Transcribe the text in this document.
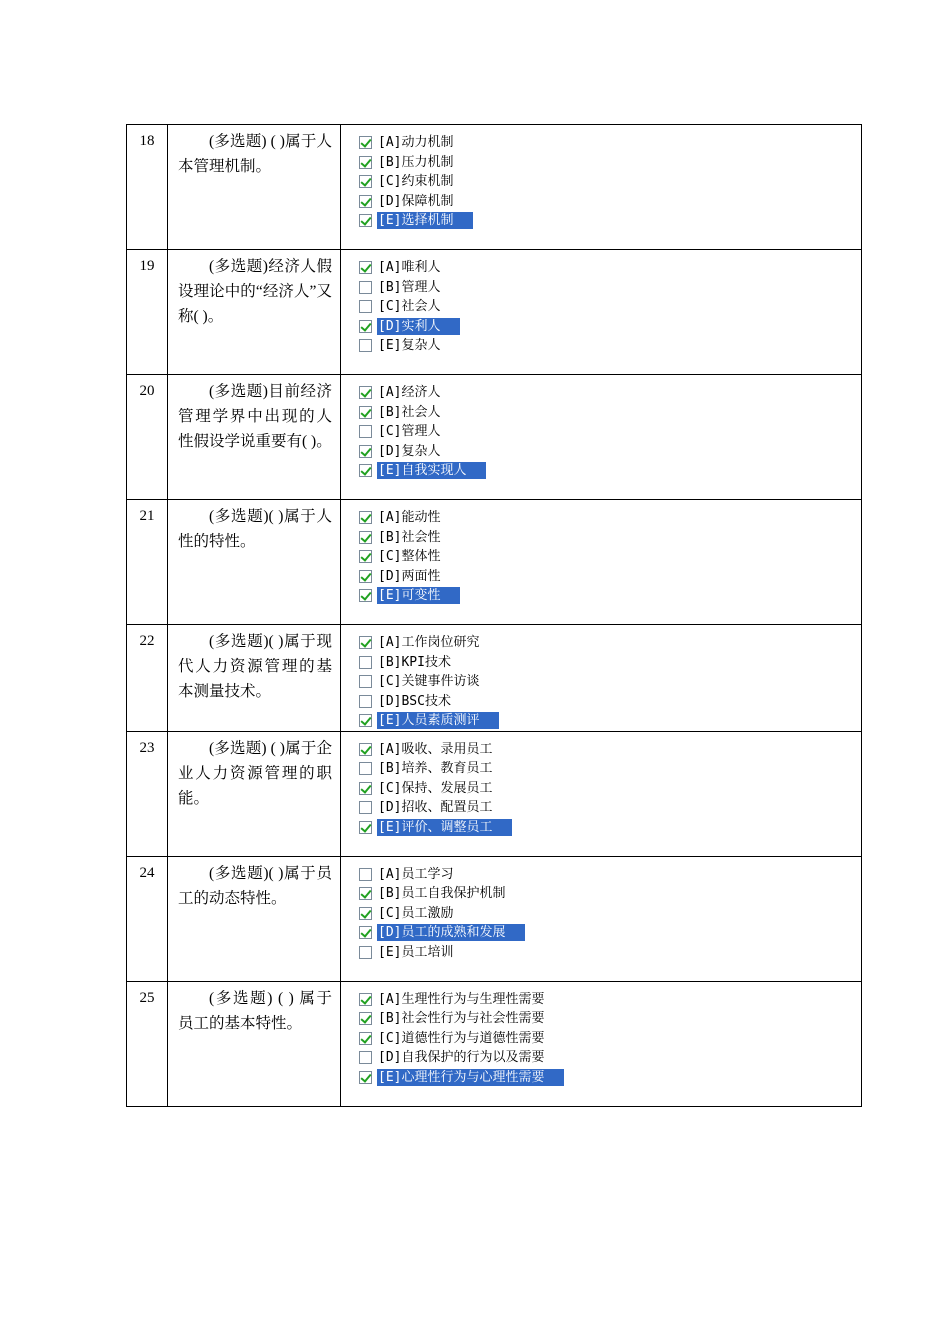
18	(多选题) ( )属于人本管理机制。	[A]动力机制
[B]压力机制
[C]约束机制
[D]保障机制
[E]选择机制

19	(多选题)经济人假设理论中的“经济人”又称( )。	[A]唯利人
[B]管理人
[C]社会人
[D]实利人
[E]复杂人

20	(多选题)目前经济管理学界中出现的人性假设学说重要有( )。	[A]经济人
[B]社会人
[C]管理人
[D]复杂人
[E]自我实现人

21	(多选题)( )属于人性的特性。	[A]能动性
[B]社会性
[C]整体性
[D]两面性
[E]可变性

22	(多选题)( )属于现代人力资源管理的基本测量技术。	[A]工作岗位研究
[B]KPI技术
[C]关键事件访谈
[D]BSC技术
[E]人员素质测评

23	(多选题) ( )属于企业人力资源管理的职能。	[A]吸收、录用员工
[B]培养、教育员工
[C]保持、发展员工
[D]招收、配置员工
[E]评价、调整员工

24	(多选题)( )属于员工的动态特性。	[A]员工学习
[B]员工自我保护机制
[C]员工激励
[D]员工的成熟和发展
[E]员工培训

25	(多选题) ( ) 属于员工的基本特性。	[A]生理性行为与生理性需要
[B]社会性行为与社会性需要
[C]道德性行为与道德性需要
[D]自我保护的行为以及需要
[E]心理性行为与心理性需要
